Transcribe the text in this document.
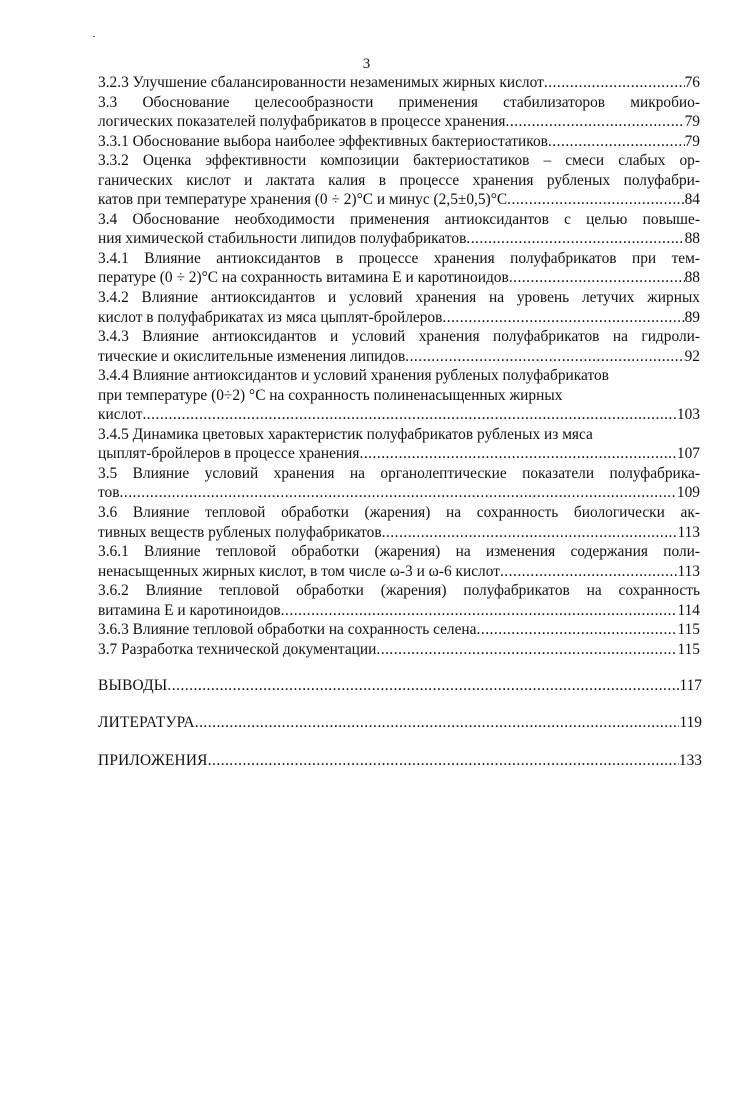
3
3.2.3 Улучшение сбалансированности незаменимых жирных кислот .....	76
3.3 Обоснование целесообразности применения стабилизаторов микробио-
логических показателей полуфабрикатов в процессе хранения .....	79
3.3.1 Обоснование выбора наиболее эффективных бактериостатиков .....	79
3.3.2 Оценка эффективности композиции бактериостатиков – смеси слабых ор-
ганических кислот и лактата калия в процессе хранения рубленых полуфабри-
катов при температуре хранения (0 ÷ 2)°С и минус (2,5±0,5)°С .....	84
3.4 Обоснование необходимости применения антиоксидантов с целью повыше-
ния химической стабильности липидов полуфабрикатов .....	88
3.4.1 Влияние антиоксидантов в процессе хранения полуфабрикатов при тем-
пературе (0 ÷ 2)°С на сохранность витамина Е и каротиноидов .....	88
3.4.2 Влияние антиоксидантов и условий хранения на уровень летучих жирных
кислот в полуфабрикатах из мяса цыплят-бройлеров .....	89
3.4.3 Влияние антиоксидантов и условий хранения полуфабрикатов на гидроли-
тические и окислительные изменения липидов .....	92
3.4.4 Влияние антиоксидантов и условий хранения рубленых полуфабрикатов
при температуре (0÷2) °С на сохранность полиненасыщенных жирных
кислот .....	103
3.4.5 Динамика цветовых характеристик полуфабрикатов рубленых из мяса
цыплят-бройлеров в процессе хранения .....	107
3.5 Влияние условий хранения на органолептические показатели полуфабрика-
тов .....	109
3.6 Влияние тепловой обработки (жарения) на сохранность биологически ак-
тивных веществ рубленых полуфабрикатов .....	113
3.6.1 Влияние тепловой обработки (жарения) на изменения содержания поли-
ненасыщенных жирных кислот, в том числе ω-3 и ω-6 кислот .....	113
3.6.2 Влияние тепловой обработки (жарения) полуфабрикатов на сохранность
витамина Е и каротиноидов .....	114
3.6.3 Влияние тепловой обработки на сохранность селена .....	115
3.7 Разработка технической документации .....	115
ВЫВОДЫ .....	117
ЛИТЕРАТУРА .....	119
ПРИЛОЖЕНИЯ .....	133
